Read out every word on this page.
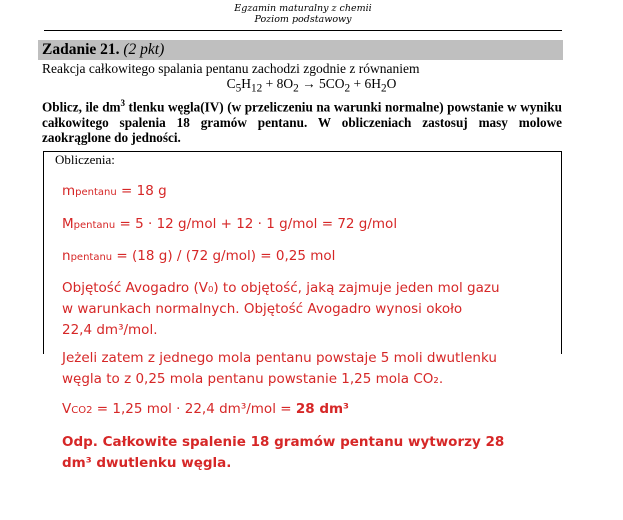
Egzamin maturalny z chemii
Poziom podstawowy
Zadanie 21. (2 pkt)
Reakcja całkowitego spalania pentanu zachodzi zgodnie z równaniem
$C_5H_{12} + 8O_2 \to 5CO_2 + 6H_2O$
Oblicz, ile $dm^3$ tlenku węgla(IV) (w przeliczeniu na warunki normalne) powstanie w wyniku całkowitego spalenia 18 gramów pentanu. W obliczeniach zastosuj masy molowe zaokrąglone do jedności.
Obliczenia:
mpentanu = 18 g
Mpentanu = 5 · 12 g/mol + 12 · 1 g/mol = 72 g/mol
npentanu = (18 g) / (72 g/mol) = 0,25 mol
Objętość Avogadro (V₀) to objętość, jaką zajmuje jeden mol gazu
w warunkach normalnych. Objętość Avogadro wynosi około
22,4 dm³/mol.
Jeżeli zatem z jednego mola pentanu powstaje 5 moli dwutlenku
węgla to z 0,25 mola pentanu powstanie 1,25 mola CO₂.
VCO2 = 1,25 mol · 22,4 dm³/mol = 28 dm³
Odp. Całkowite spalenie 18 gramów pentanu wytworzy 28
dm³ dwutlenku węgla.
